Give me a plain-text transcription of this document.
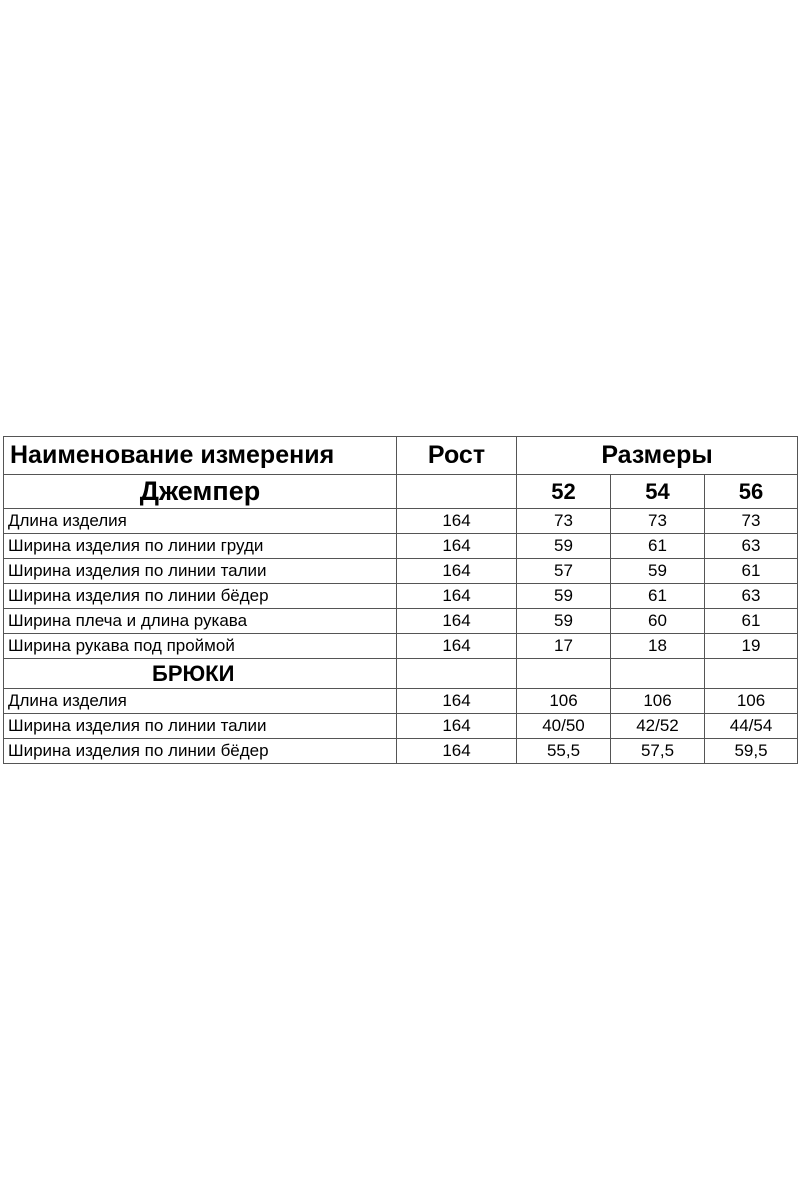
Наименование измерения	Рост	Размеры		
Джемпер		52	54	56
Длина изделия	164	73	73	73
Ширина изделия по линии груди	164	59	61	63
Ширина изделия по линии талии	164	57	59	61
Ширина изделия по линии бёдер	164	59	61	63
Ширина плеча и длина рукава	164	59	60	61
Ширина рукава под проймой	164	17	18	19
БРЮКИ				
Длина изделия	164	106	106	106
Ширина изделия по линии талии	164	40/50	42/52	44/54
Ширина изделия по линии бёдер	164	55,5	57,5	59,5
